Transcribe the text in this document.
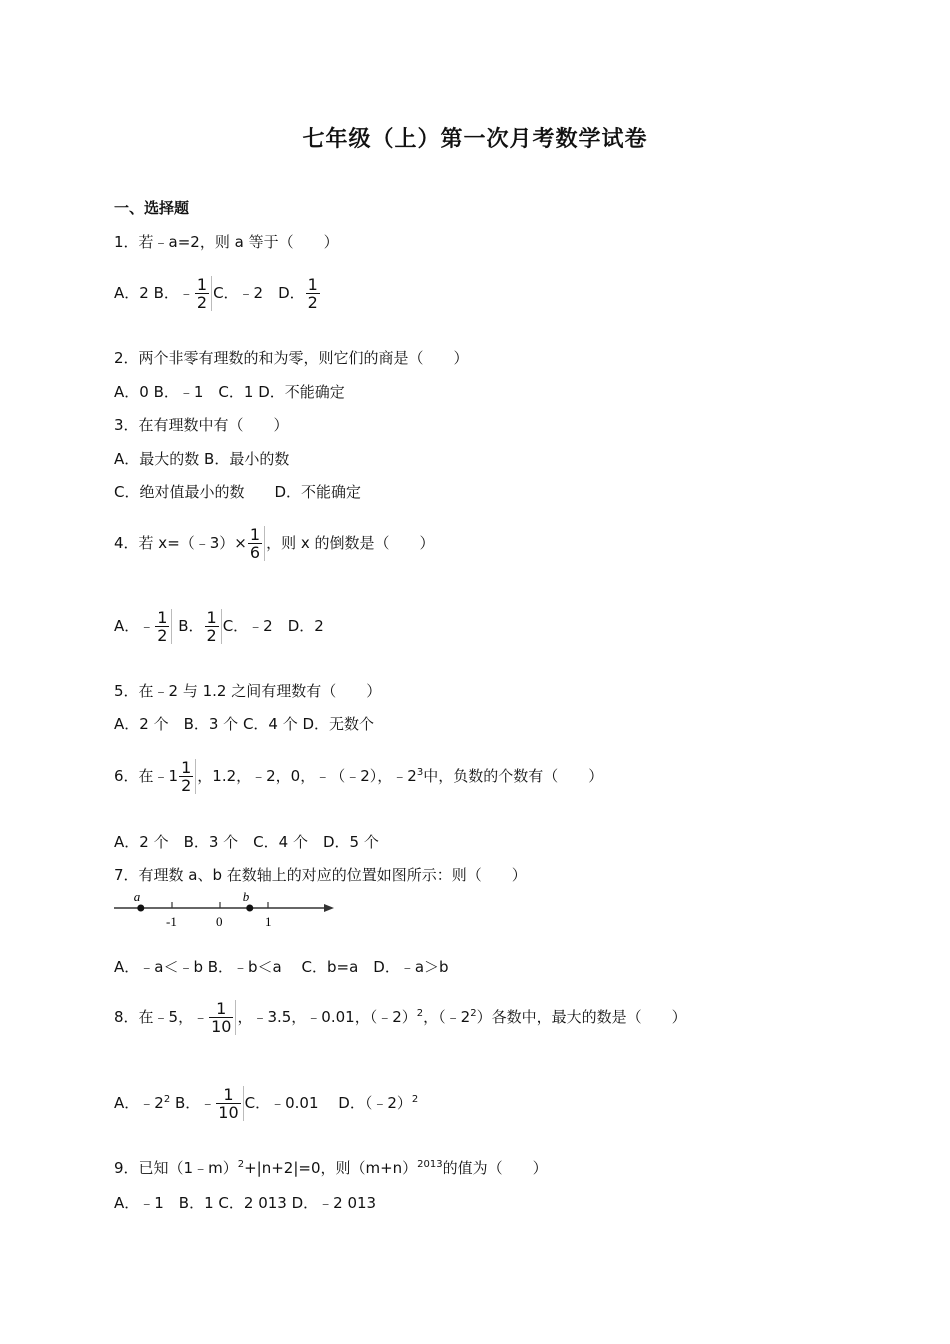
七年级（上）第一次月考数学试卷
一、选择题
1．若﹣a=2，则 a 等于（　　）
A．2 B．﹣ $\frac{1}{2}$ C．﹣2　D． $\frac{1}{2}$
2．两个非零有理数的和为零，则它们的商是（　　）
A．0 B．﹣1　C．1 D．不能确定
3．在有理数中有（　　）
A．最大的数 B．最小的数
C．绝对值最小的数　　D．不能确定
4．若 x=（﹣3）× $\frac{1}{6}$ ，则 x 的倒数是（　　）
A．﹣ $\frac{1}{2}$ B． $\frac{1}{2}$ C．﹣2　D．2
5．在﹣2 与 1.2 之间有理数有（　　）
A．2 个　B．3 个 C．4 个 D．无数个
6．在﹣1 $\frac{1}{2}$ ，1.2，﹣2，0，﹣（﹣2），$﹣2^3$中，负数的个数有（　　）
A．2 个　B．3 个　C．4 个　D．5 个
7．有理数 a、b 在数轴上的对应的位置如图所示：则（　　）
a	b
-1	0	1
A．﹣a＜﹣b B．﹣b＜a　 C．b=a　D．﹣a＞b
8．在﹣5，﹣ $\frac{1}{10}$ ，﹣3.5，﹣0.01，（﹣2）$^2$，$(﹣2^2)$各数中，最大的数是（　　）
A．$﹣2^2$ B．﹣ $\frac{1}{10}$ C．﹣0.01　 D．（﹣2）$^2$
9．已知（1﹣m）$^2$+|n+2|=0，则$(m+n)^{2013}$的值为（　　）
A．﹣1　B．1 C．2 013 D．﹣2 013
